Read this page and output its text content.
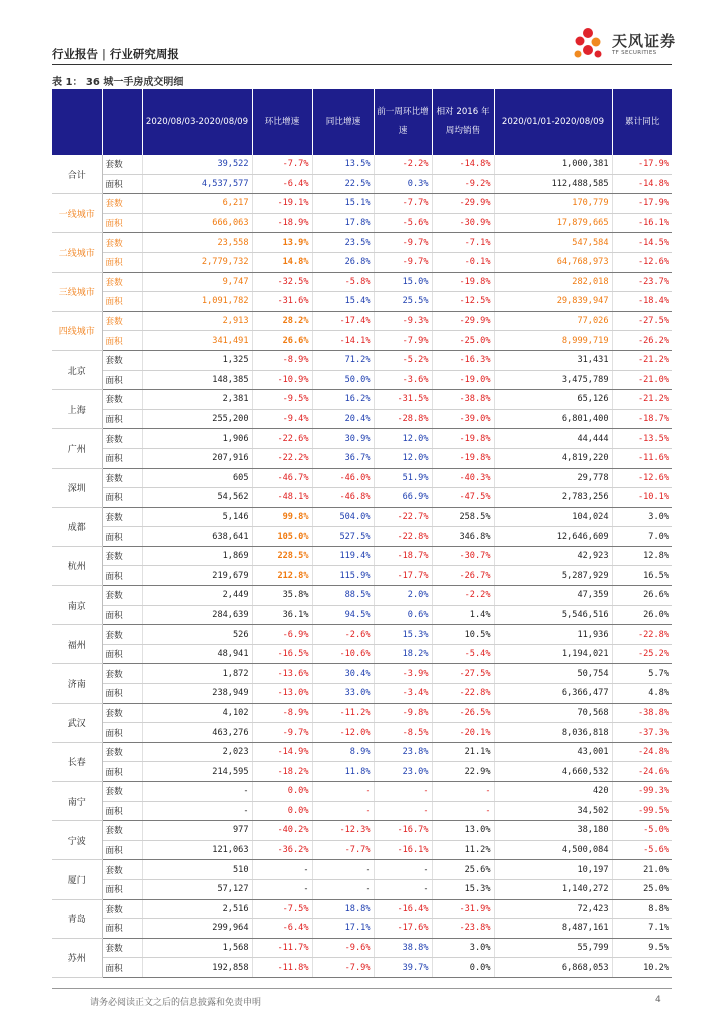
行业报告 | 行业研究周报
天风证券
TF SECURITIES
表 1： 36 城一手房成交明细
		2020/08/03-2020/08/09	环比增速	同比增速	前一周环比增速	相对 2016 年周均销售	2020/01/01-2020/08/09	累计同比
合计	套数	39,522	-7.7%	13.5%	-2.2%	-14.8%	1,000,381	-17.9%
	面积	4,537,577	-6.4%	22.5%	0.3%	-9.2%	112,488,585	-14.8%
一线城市	套数	6,217	-19.1%	15.1%	-7.7%	-29.9%	170,779	-17.9%
	面积	666,063	-18.9%	17.8%	-5.6%	-30.9%	17,879,665	-16.1%
二线城市	套数	23,558	13.9%	23.5%	-9.7%	-7.1%	547,584	-14.5%
	面积	2,779,732	14.8%	26.8%	-9.7%	-0.1%	64,768,973	-12.6%
三线城市	套数	9,747	-32.5%	-5.8%	15.0%	-19.8%	282,018	-23.7%
	面积	1,091,782	-31.6%	15.4%	25.5%	-12.5%	29,839,947	-18.4%
四线城市	套数	2,913	28.2%	-17.4%	-9.3%	-29.9%	77,026	-27.5%
	面积	341,491	26.6%	-14.1%	-7.9%	-25.0%	8,999,719	-26.2%
北京	套数	1,325	-8.9%	71.2%	-5.2%	-16.3%	31,431	-21.2%
	面积	148,385	-10.9%	50.0%	-3.6%	-19.0%	3,475,789	-21.0%
上海	套数	2,381	-9.5%	16.2%	-31.5%	-38.8%	65,126	-21.2%
	面积	255,200	-9.4%	20.4%	-28.8%	-39.0%	6,801,400	-18.7%
广州	套数	1,906	-22.6%	30.9%	12.0%	-19.8%	44,444	-13.5%
	面积	207,916	-22.2%	36.7%	12.0%	-19.8%	4,819,220	-11.6%
深圳	套数	605	-46.7%	-46.0%	51.9%	-40.3%	29,778	-12.6%
	面积	54,562	-48.1%	-46.8%	66.9%	-47.5%	2,783,256	-10.1%
成都	套数	5,146	99.8%	504.0%	-22.7%	258.5%	104,024	3.0%
	面积	638,641	105.0%	527.5%	-22.8%	346.8%	12,646,609	7.0%
杭州	套数	1,869	228.5%	119.4%	-18.7%	-30.7%	42,923	12.8%
	面积	219,679	212.8%	115.9%	-17.7%	-26.7%	5,287,929	16.5%
南京	套数	2,449	35.8%	88.5%	2.0%	-2.2%	47,359	26.6%
	面积	284,639	36.1%	94.5%	0.6%	1.4%	5,546,516	26.0%
福州	套数	526	-6.9%	-2.6%	15.3%	10.5%	11,936	-22.8%
	面积	48,941	-16.5%	-10.6%	18.2%	-5.4%	1,194,021	-25.2%
济南	套数	1,872	-13.6%	30.4%	-3.9%	-27.5%	50,754	5.7%
	面积	238,949	-13.0%	33.0%	-3.4%	-22.8%	6,366,477	4.8%
武汉	套数	4,102	-8.9%	-11.2%	-9.8%	-26.5%	70,568	-38.8%
	面积	463,276	-9.7%	-12.0%	-8.5%	-20.1%	8,036,818	-37.3%
长春	套数	2,023	-14.9%	8.9%	23.8%	21.1%	43,001	-24.8%
	面积	214,595	-18.2%	11.8%	23.0%	22.9%	4,660,532	-24.6%
南宁	套数	-	0.0%	-	-	-	420	-99.3%
	面积	-	0.0%	-	-	-	34,502	-99.5%
宁波	套数	977	-40.2%	-12.3%	-16.7%	13.0%	38,180	-5.0%
	面积	121,063	-36.2%	-7.7%	-16.1%	11.2%	4,500,084	-5.6%
厦门	套数	510	-	-	-	25.6%	10,197	21.0%
	面积	57,127	-	-	-	15.3%	1,140,272	25.0%
青岛	套数	2,516	-7.5%	18.8%	-16.4%	-31.9%	72,423	8.8%
	面积	299,964	-6.4%	17.1%	-17.6%	-23.8%	8,487,161	7.1%
苏州	套数	1,568	-11.7%	-9.6%	38.8%	3.0%	55,799	9.5%
	面积	192,858	-11.8%	-7.9%	39.7%	0.0%	6,868,053	10.2%
请务必阅读正文之后的信息披露和免责申明	4
